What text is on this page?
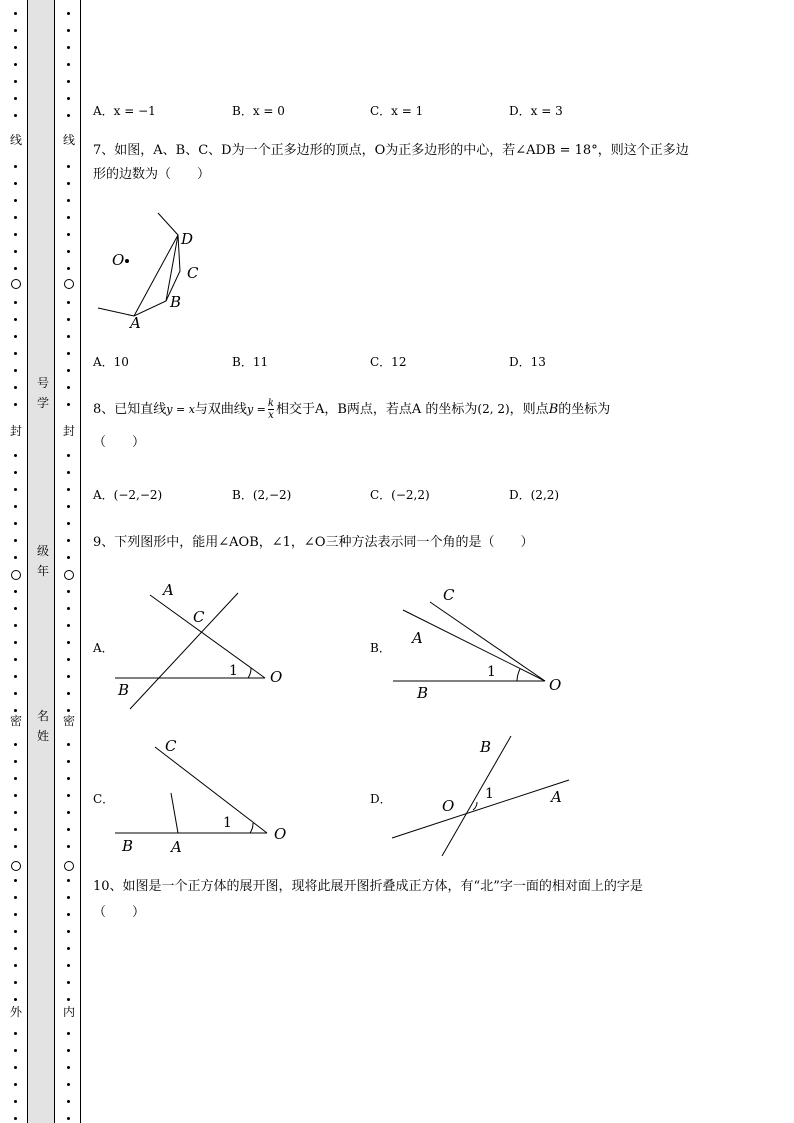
线
封
密
外
线
封
密
内
号
学
级
年
名
姓
A．x = −1	B．x = 0	C．x = 1	D．x = 3
7、如图，A、B、C、D为一个正多边形的顶点，O为正多边形的中心，若∠ADB = 18°，则这个正多边
形的边数为（　　）
O
A
B
C
D
A．10	B．11	C．12	D．13
8、已知直线y = x与双曲线$y = \frac{k}{x}$ 相交于A，B两点，若点A 的坐标为(2, 2)，则点B的坐标为
（　　）
A．(−2,−2)	B．(2,−2)	C．(−2,2)	D．(2,2)
9、下列图形中，能用∠AOB，∠1，∠O三种方法表示同一个角的是（　　）
A．
A
C
1
B
O
B．
C
A
1
B	O
C．
C
1
O
B	A
D．
B
O
1	A
10、如图是一个正方体的展开图，现将此展开图折叠成正方体，有“北”字一面的相对面上的字是
（　　）
